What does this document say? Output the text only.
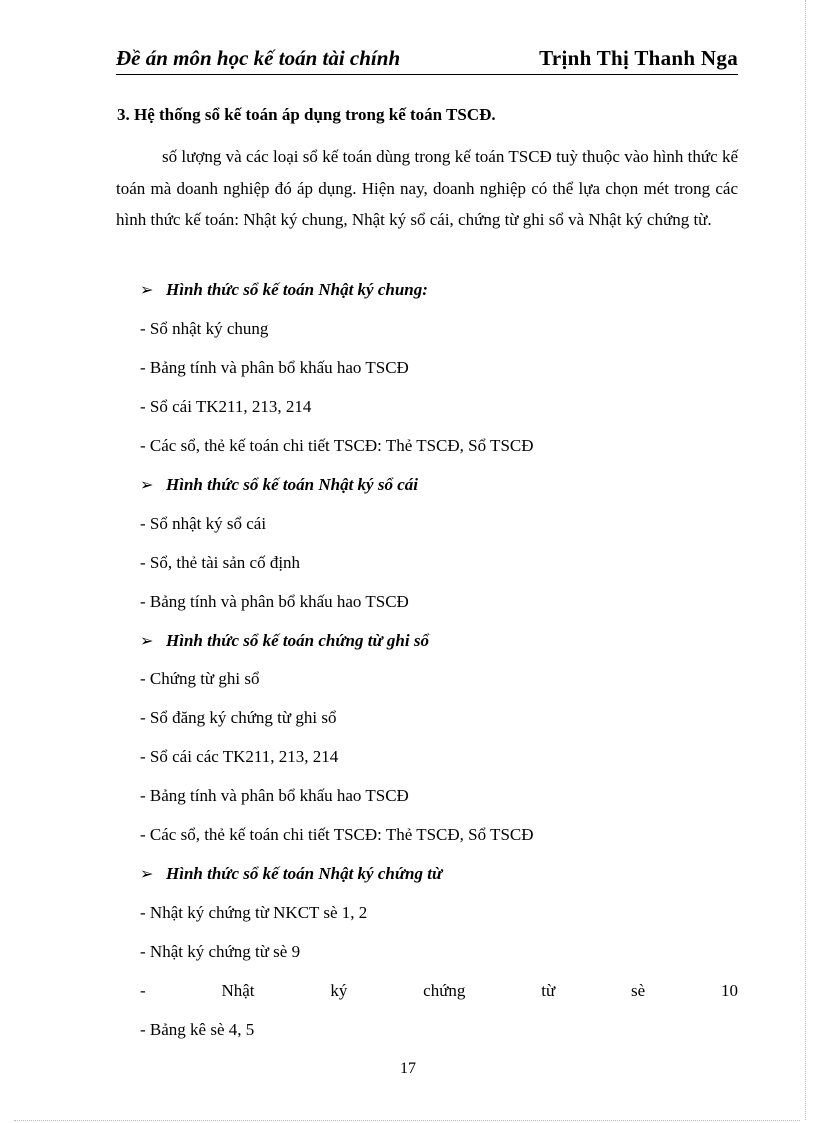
Đề án môn học kế toán tài chính	Trịnh Thị Thanh Nga
3. Hệ thống sổ kế toán áp dụng trong kế toán TSCĐ.

số lượng và các loại sổ kế toán dùng trong kế toán TSCĐ tuỳ thuộc vào hình thức kế toán mà doanh nghiệp đó áp dụng. Hiện nay, doanh nghiệp có thể lựa chọn mét trong các hình thức kế toán: Nhật ký chung, Nhật ký sổ cái, chứng từ ghi sổ và Nhật ký chứng từ.

➢ Hình thức sổ kế toán Nhật ký chung:
- Sổ nhật ký chung
- Bảng tính và phân bổ khấu hao TSCĐ
- Sổ cái TK211, 213, 214
- Các sổ, thẻ kế toán chi tiết TSCĐ: Thẻ TSCĐ, Sổ TSCĐ
➢ Hình thức sổ kế toán Nhật ký sổ cái
- Sổ nhật ký sổ cái
- Sổ, thẻ tài sản cố định
- Bảng tính và phân bổ khấu hao TSCĐ
➢ Hình thức sổ kế toán chứng từ ghi sổ
- Chứng từ ghi sổ
- Sổ đăng ký chứng từ ghi sổ
- Sổ cái các TK211, 213, 214
- Bảng tính và phân bổ khấu hao TSCĐ
- Các sổ, thẻ kế toán chi tiết TSCĐ: Thẻ TSCĐ, Sổ TSCĐ
➢ Hình thức sổ kế toán Nhật ký chứng từ
- Nhật ký chứng từ NKCT sè 1, 2
- Nhật ký chứng từ sè 9
-	Nhật	ký	chứng	từ	sè	10
- Bảng kê sè 4, 5
17
